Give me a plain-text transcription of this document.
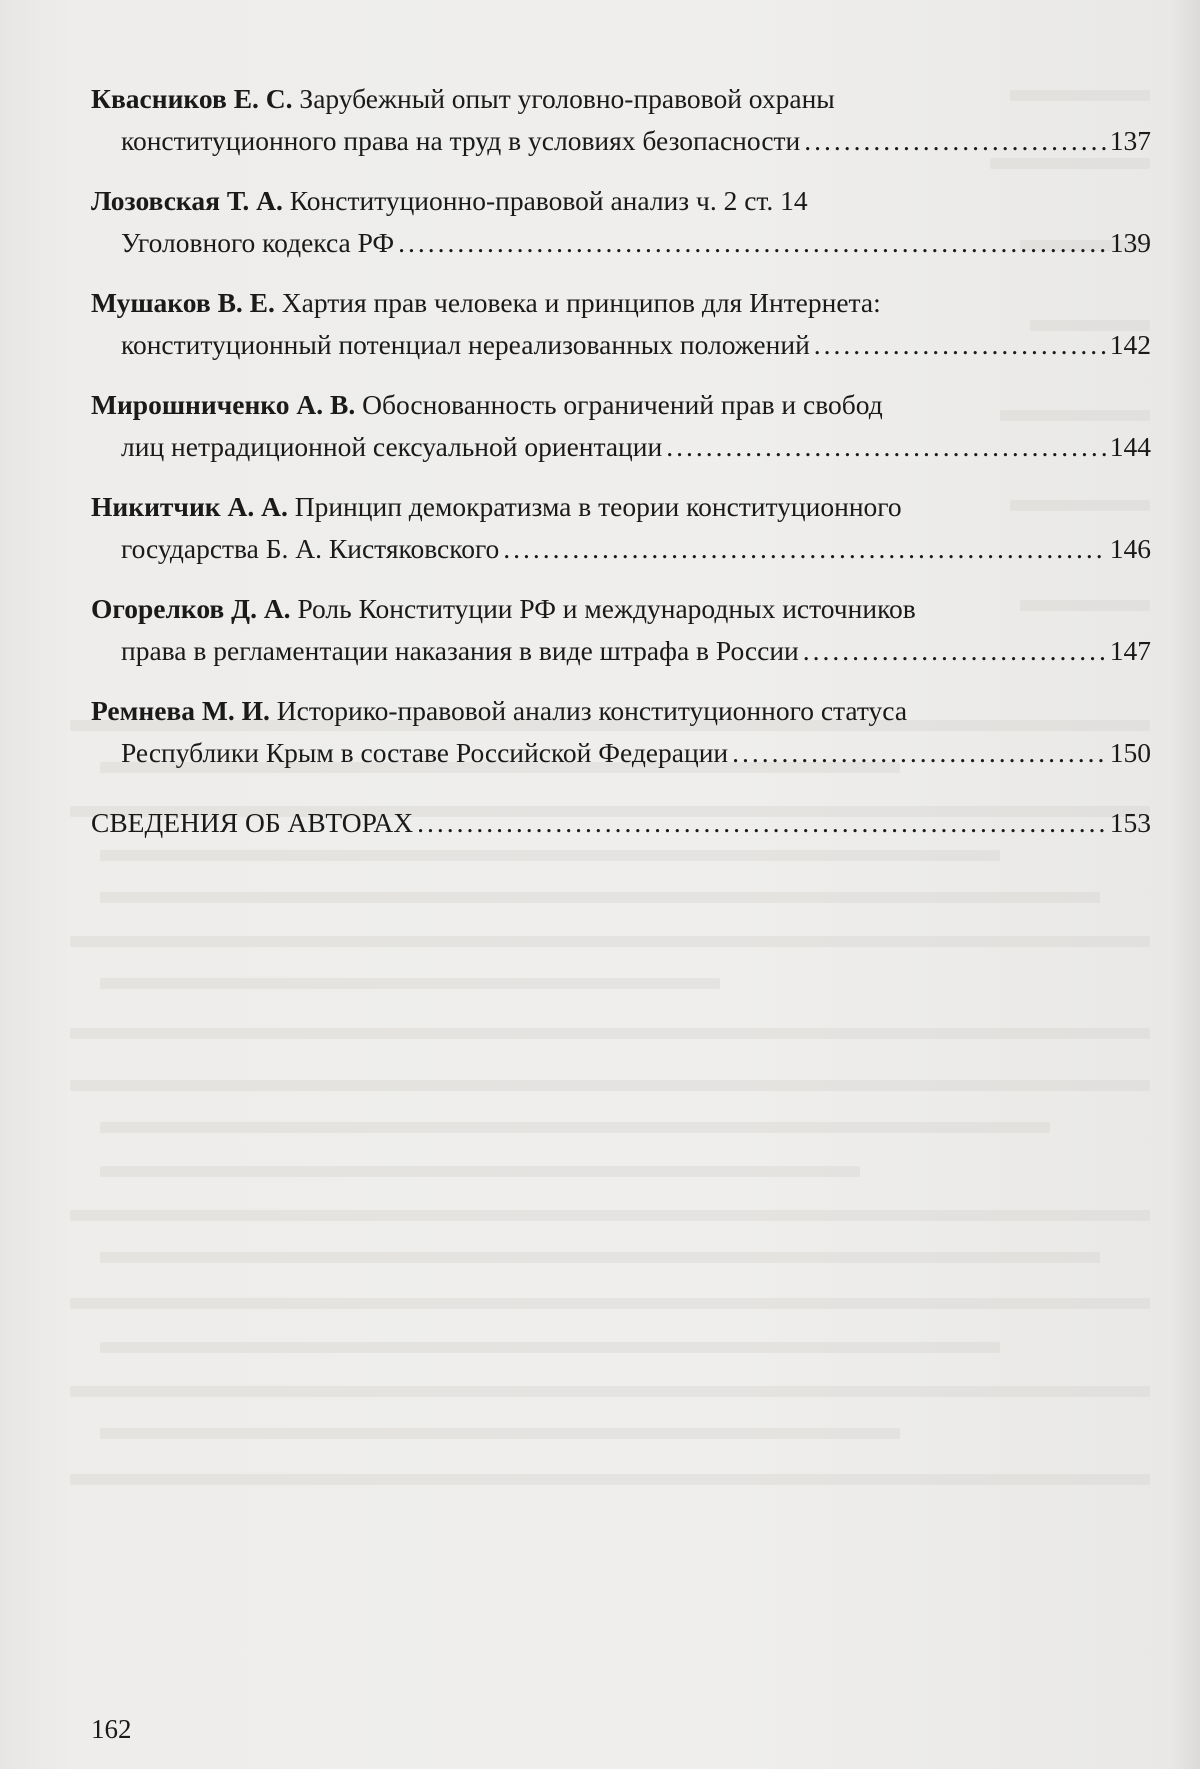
Квасников Е. С.
Зарубежный опыт уголовно-правовой охраны
конституционного права на труд в условиях безопасности .....	137
Лозовская Т. А.
Конституционно-правовой анализ ч. 2 ст. 14
Уголовного кодекса РФ .....	139
Мушаков В. Е.
Хартия прав человека и принципов для Интернета:
конституционный потенциал нереализованных положений .....	142
Мирошниченко А. В.
Обоснованность ограничений прав и свобод
лиц нетрадиционной сексуальной ориентации .....	144
Никитчик А. А.
Принцип демократизма в теории конституционного
государства Б. А. Кистяковского .....	146
Огорелков Д. А.
Роль Конституции РФ и международных источников
права в регламентации наказания в виде штрафа в России .....	147
Ремнева М. И.
Историко-правовой анализ конституционного статуса
Республики Крым в составе Российской Федерации .....	150
СВЕДЕНИЯ ОБ АВТОРАХ .....	153
162
